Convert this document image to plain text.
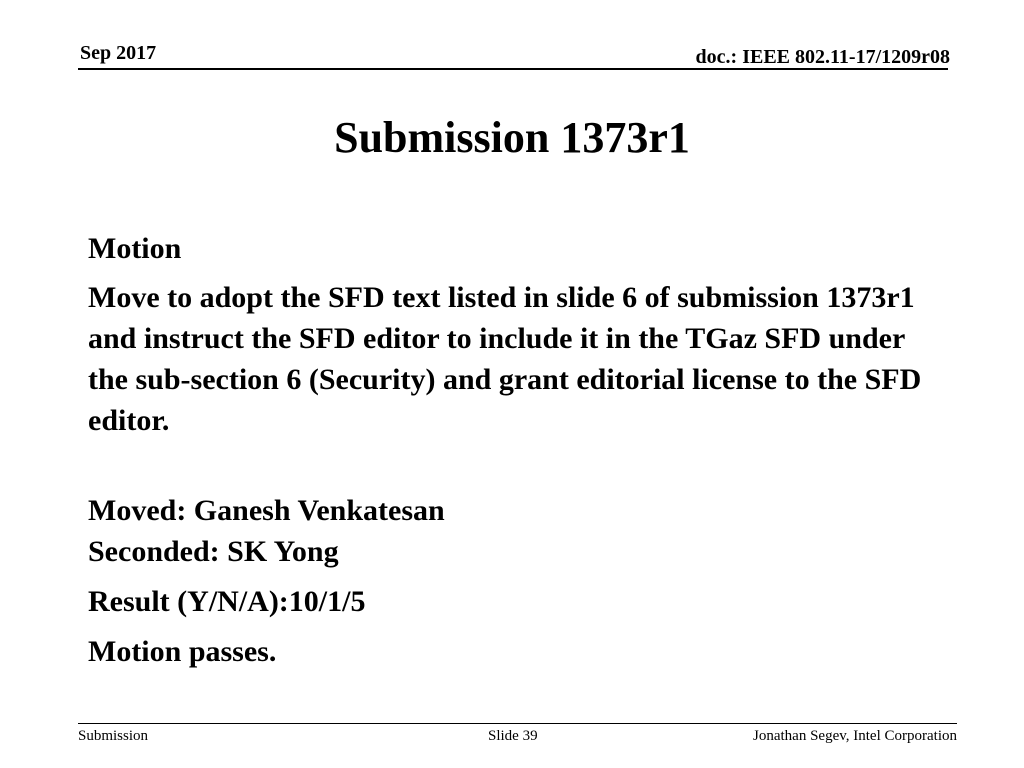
Sep 2017	doc.: IEEE 802.11-17/1209r08
Submission 1373r1

Motion

Move to adopt the SFD text listed in slide 6 of submission 1373r1 and instruct the SFD editor to include it in the TGaz SFD under the sub-section 6 (Security) and grant editorial license to the SFD editor.

Moved: Ganesh Venkatesan

Seconded: SK Yong

Result (Y/N/A):10/1/5

Motion passes.

Submission	Slide 39	Jonathan Segev, Intel Corporation
